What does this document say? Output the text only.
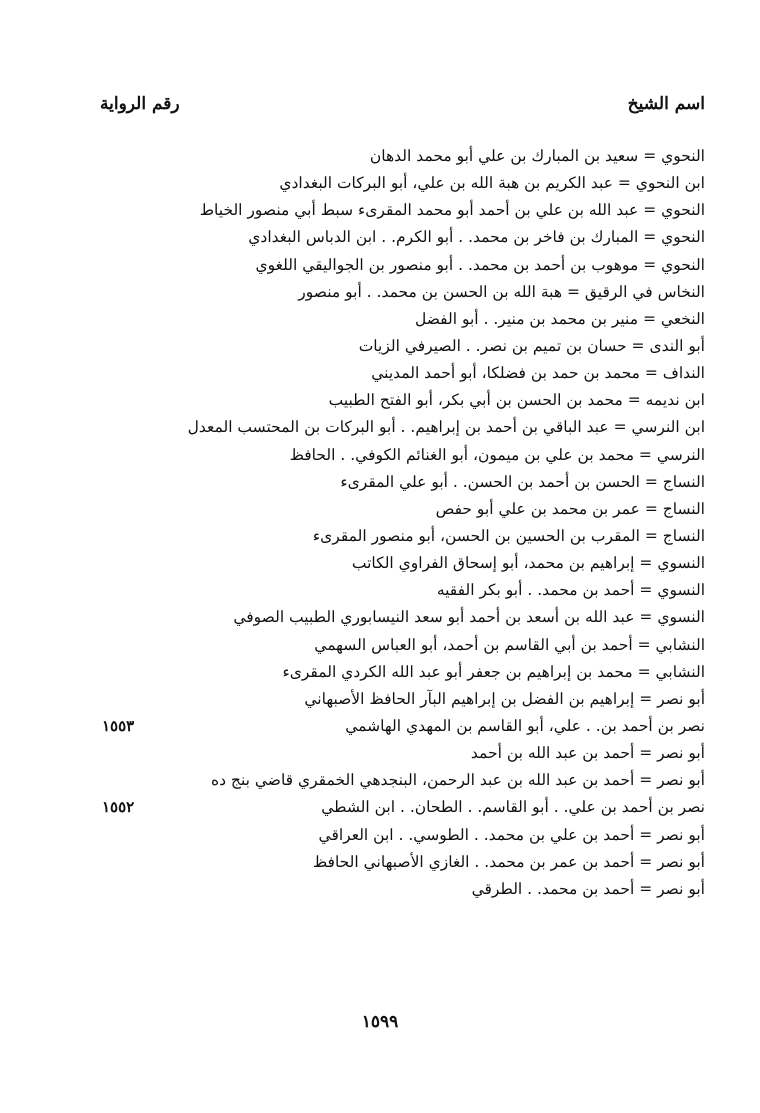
اسم الشيخ
رقم الرواية
النحوي = سعيد بن المبارك بن علي أبو محمد الدهان
ابن النحوي = عبد الكريم بن هبة الله بن علي، أبو البركات البغدادي
النحوي = عبد الله بن علي بن أحمد أبو محمد المقرىء سبط أبي منصور الخياط
النحوي = المبارك بن فاخر بن محمد. . أبو الكرم. . ابن الدباس البغدادي
النحوي = موهوب بن أحمد بن محمد. . أبو منصور بن الجواليقي اللغوي
النخاس في الرقيق = هبة الله بن الحسن بن محمد. . أبو منصور
النخعي = منير بن محمد بن منير. . أبو الفضل
أبو الندى = حسان بن تميم بن نصر. . الصيرفي الزيات
النداف = محمد بن حمد بن فضلكا، أبو أحمد المديني
ابن نديمه = محمد بن الحسن بن أبي بكر، أبو الفتح الطبيب
ابن النرسي = عبد الباقي بن أحمد بن إبراهيم. . أبو البركات بن المحتسب المعدل
النرسي = محمد بن علي بن ميمون، أبو الغنائم الكوفي. . الحافظ
النساج = الحسن بن أحمد بن الحسن. . أبو علي المقرىء
النساج = عمر بن محمد بن علي أبو حفص
النساج = المقرب بن الحسين بن الحسن، أبو منصور المقرىء
النسوي = إبراهيم بن محمد، أبو إسحاق الفراوي الكاتب
النسوي = أحمد بن محمد. . أبو بكر الفقيه
النسوي = عبد الله بن أسعد بن أحمد أبو سعد النيسابوري الطبيب الصوفي
النشابي = أحمد بن أبي القاسم بن أحمد، أبو العباس السهمي
النشابي = محمد بن إبراهيم بن جعفر أبو عبد الله الكردي المقرىء
أبو نصر = إبراهيم بن الفضل بن إبراهيم البآر الحافظ الأصبهاني
نصر بن أحمد بن. . علي، أبو القاسم بن المهدي الهاشمي
١٥٥٣
أبو نصر = أحمد بن عبد الله بن أحمد
أبو نصر = أحمد بن عبد الله بن عبد الرحمن، البنجدهي الخمقري قاضي بنج ده
نصر بن أحمد بن علي. . أبو القاسم. . الطحان. . ابن الشطي
١٥٥٢
أبو نصر = أحمد بن علي بن محمد. . الطوسي. . ابن العراقي
أبو نصر = أحمد بن عمر بن محمد. . الغازي الأصبهاني الحافظ
أبو نصر = أحمد بن محمد. . الطرقي
١٥٩٩
